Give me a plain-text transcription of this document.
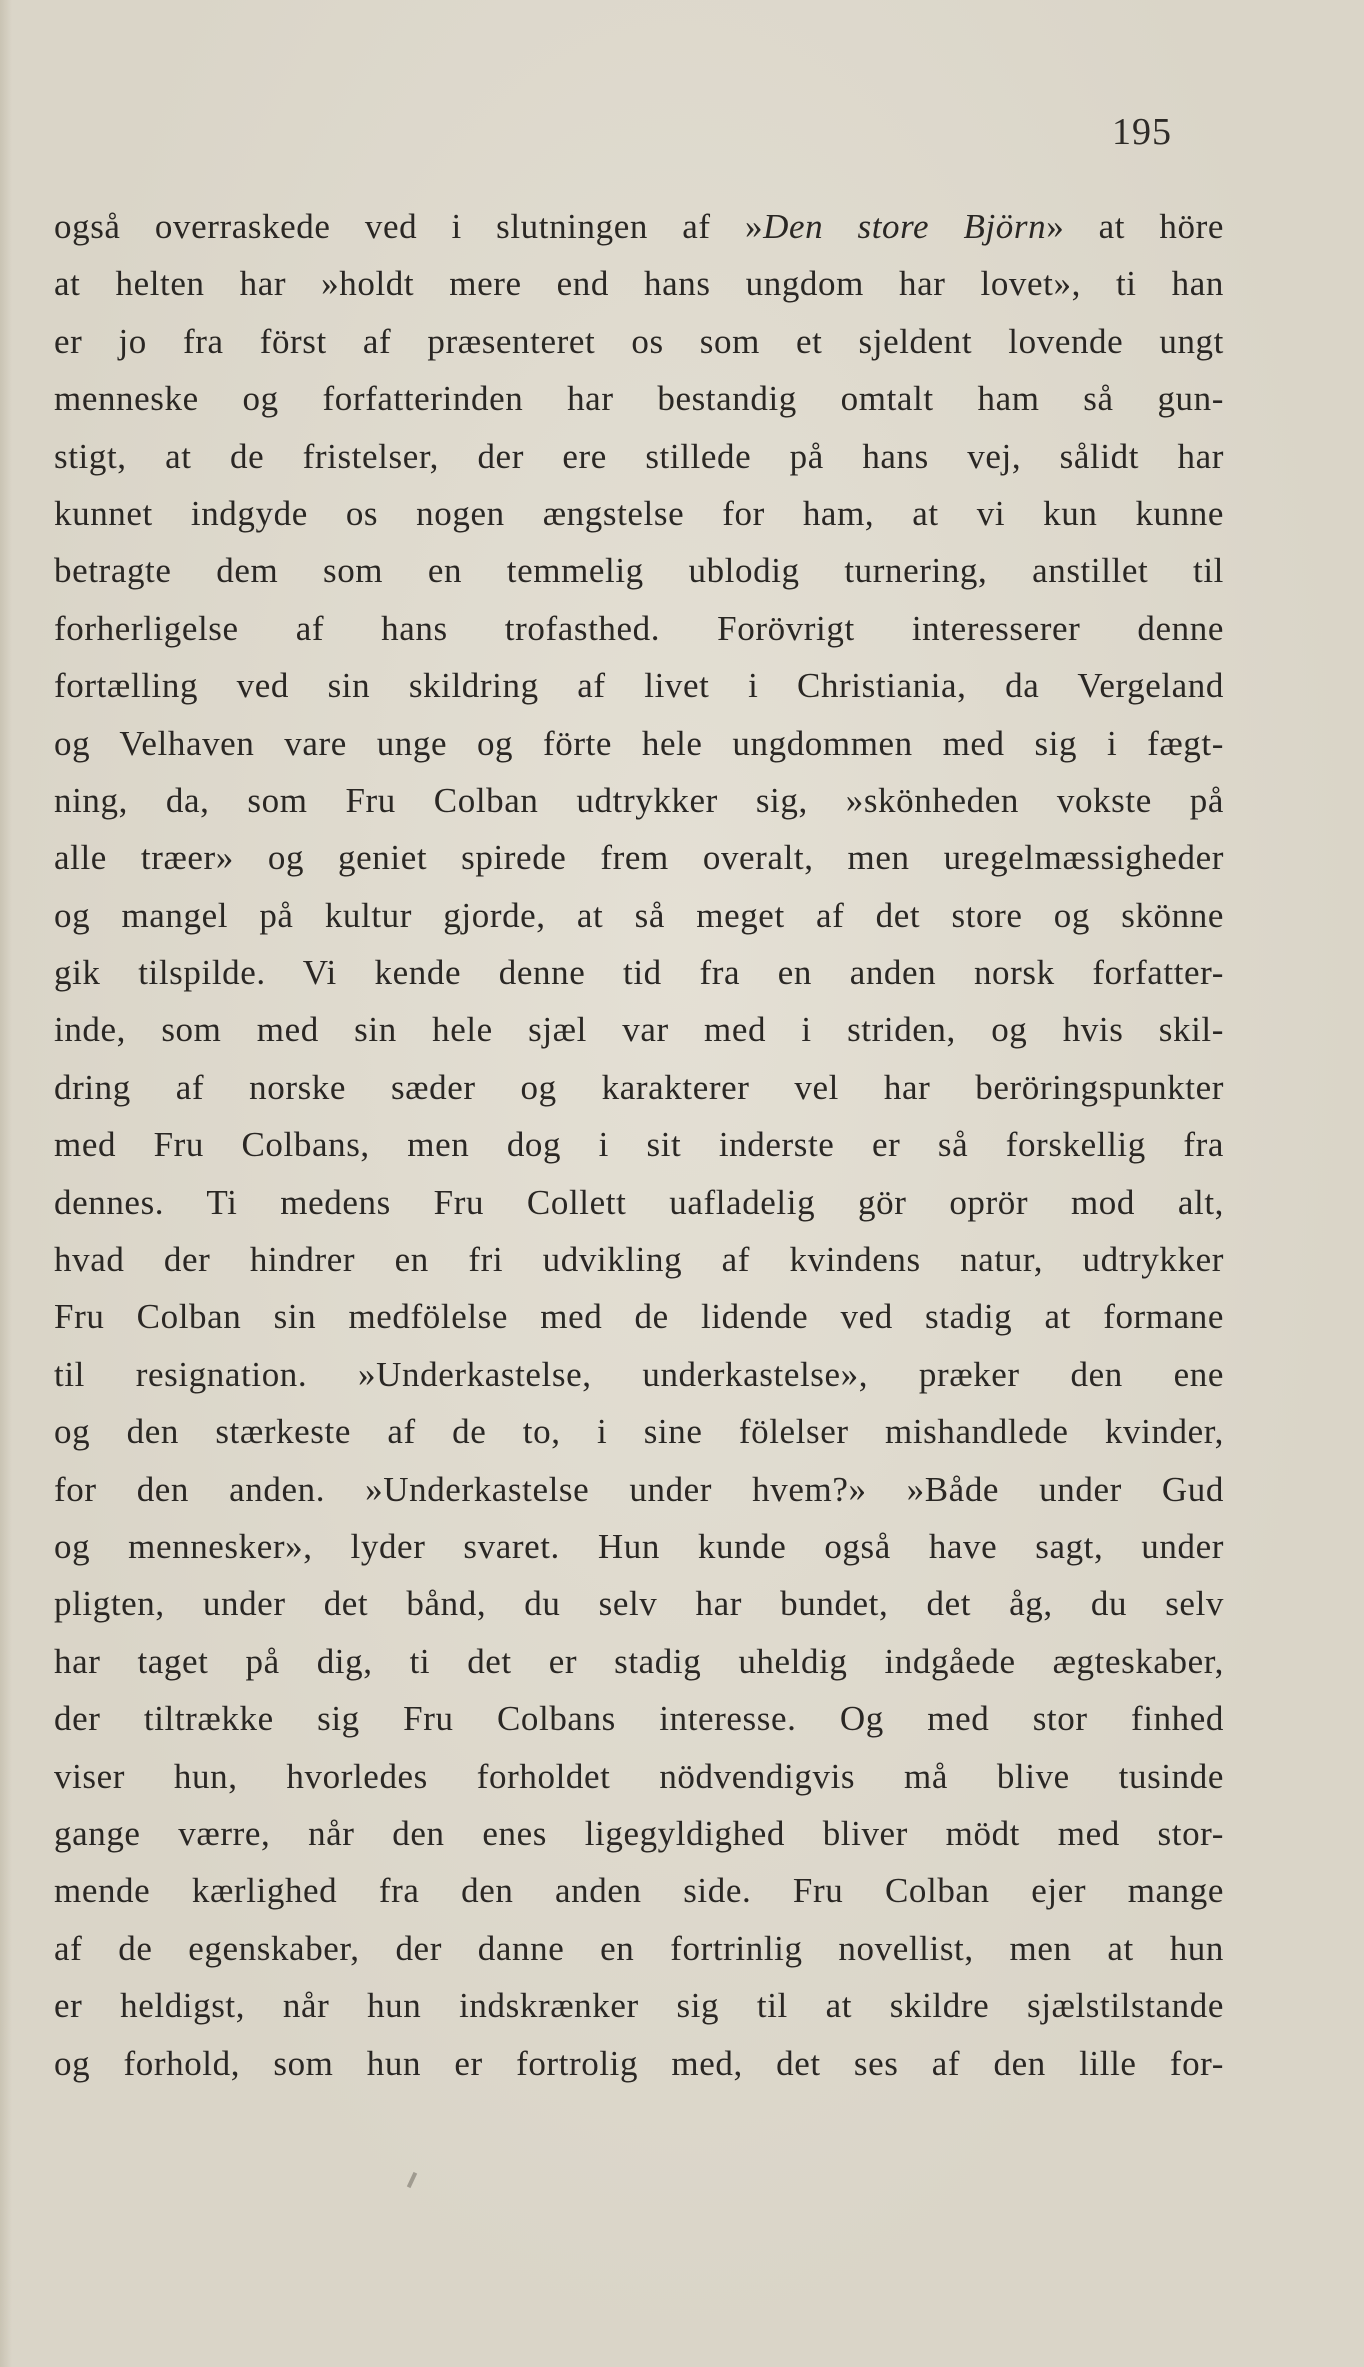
195
også overraskede ved i slutningen af »Den store Björn» at höre
at helten har »holdt mere end hans ungdom har lovet», ti han
er jo fra först af præsenteret os som et sjeldent lovende ungt
menneske og forfatterinden har bestandig omtalt ham så gun-
stigt, at de fristelser, der ere stillede på hans vej, sålidt har
kunnet indgyde os nogen ængstelse for ham, at vi kun kunne
betragte dem som en temmelig ublodig turnering, anstillet til
forherligelse af hans trofasthed. Forövrigt interesserer denne
fortælling ved sin skildring af livet i Christiania, da Vergeland
og Velhaven vare unge og förte hele ungdommen med sig i fægt-
ning, da, som Fru Colban udtrykker sig, »skönheden vokste på
alle træer» og geniet spirede frem overalt, men uregelmæssigheder
og mangel på kultur gjorde, at så meget af det store og skönne
gik tilspilde. Vi kende denne tid fra en anden norsk forfatter-
inde, som med sin hele sjæl var med i striden, og hvis skil-
dring af norske sæder og karakterer vel har beröringspunkter
med Fru Colbans, men dog i sit inderste er så forskellig fra
dennes. Ti medens Fru Collett uafladelig gör oprör mod alt,
hvad der hindrer en fri udvikling af kvindens natur, udtrykker
Fru Colban sin medfölelse med de lidende ved stadig at formane
til resignation. »Underkastelse, underkastelse», præker den ene
og den stærkeste af de to, i sine fölelser mishandlede kvinder,
for den anden. »Underkastelse under hvem?» »Både under Gud
og mennesker», lyder svaret. Hun kunde også have sagt, under
pligten, under det bånd, du selv har bundet, det åg, du selv
har taget på dig, ti det er stadig uheldig indgåede ægteskaber,
der tiltrække sig Fru Colbans interesse. Og med stor finhed
viser hun, hvorledes forholdet nödvendigvis må blive tusinde
gange værre, når den enes ligegyldighed bliver mödt med stor-
mende kærlighed fra den anden side. Fru Colban ejer mange
af de egenskaber, der danne en fortrinlig novellist, men at hun
er heldigst, når hun indskrænker sig til at skildre sjælstilstande
og forhold, som hun er fortrolig med, det ses af den lille for-
